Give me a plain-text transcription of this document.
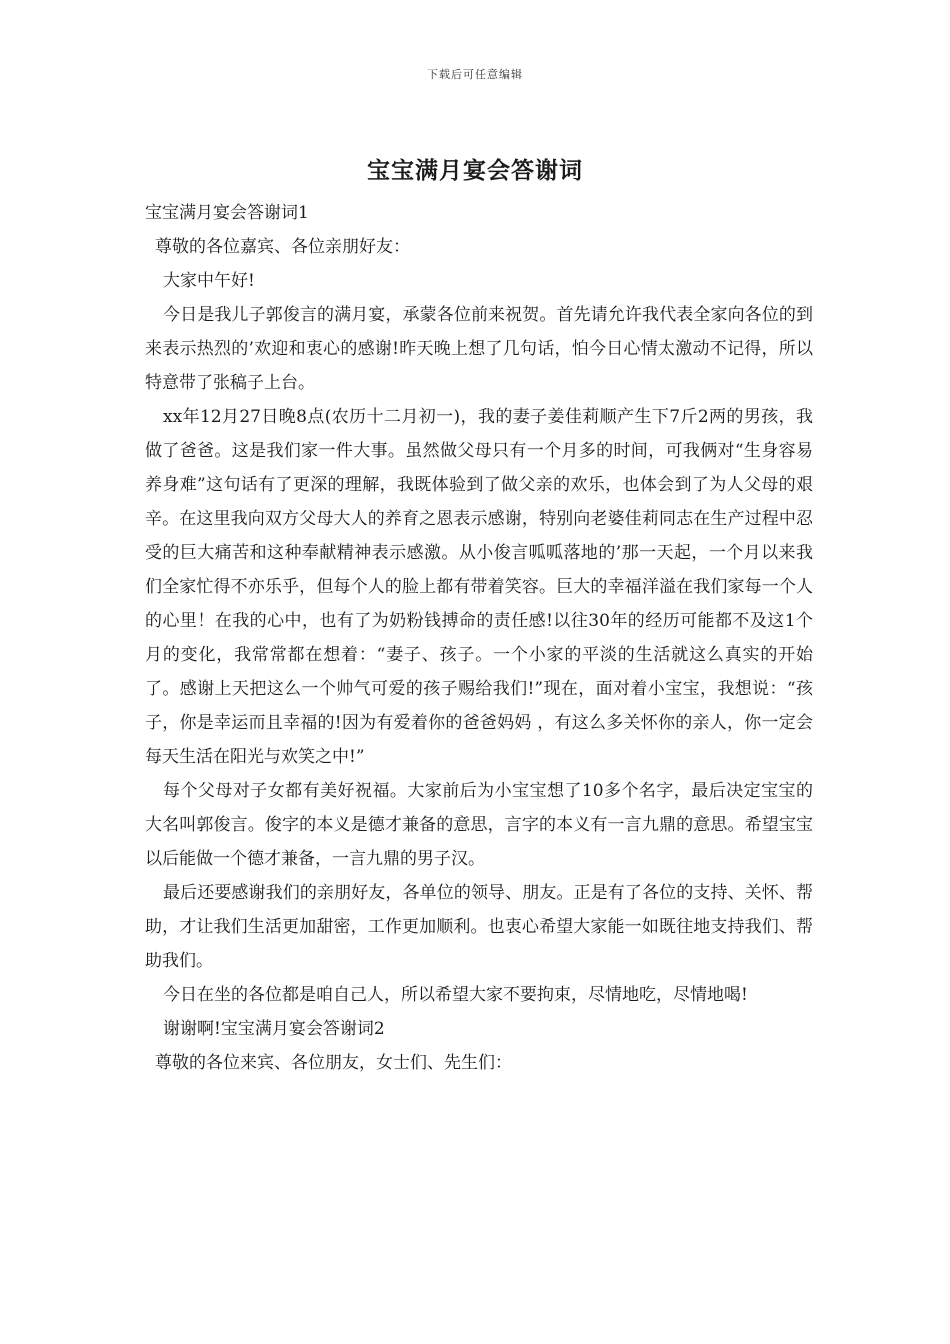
下载后可任意编辑
宝宝满月宴会答谢词

宝宝满月宴会答谢词1

尊敬的各位嘉宾、各位亲朋好友：

大家中午好!

今日是我儿子郭俊言的满月宴，承蒙各位前来祝贺。首先请允许我代表全家向各位的到来表示热烈的’欢迎和衷心的感谢!昨天晚上想了几句话，怕今日心情太激动不记得，所以特意带了张稿子上台。

xx年12月27日晚8点(农历十二月初一)，我的妻子姜佳莉顺产生下7斤2两的男孩，我做了爸爸。这是我们家一件大事。虽然做父母只有一个月多的时间，可我俩对“生身容易养身难”这句话有了更深的理解，我既体验到了做父亲的欢乐，也体会到了为人父母的艰辛。在这里我向双方父母大人的养育之恩表示感谢，特别向老婆佳莉同志在生产过程中忍受的巨大痛苦和这种奉献精神表示感激。从小俊言呱呱落地的’那一天起，一个月以来我们全家忙得不亦乐乎，但每个人的脸上都有带着笑容。巨大的幸福洋溢在我们家每一个人的心里！在我的心中，也有了为奶粉钱搏命的责任感!以往30年的经历可能都不及这1个月的变化，我常常都在想着：“妻子、孩子。一个小家的平淡的生活就这么真实的开始了。感谢上天把这么一个帅气可爱的孩子赐给我们!”现在，面对着小宝宝，我想说：“孩子，你是幸运而且幸福的!因为有爱着你的爸爸妈妈 ，有这么多关怀你的亲人，你一定会每天生活在阳光与欢笑之中!”

每个父母对子女都有美好祝福。大家前后为小宝宝想了10多个名字，最后决定宝宝的大名叫郭俊言。俊字的本义是德才兼备的意思，言字的本义有一言九鼎的意思。希望宝宝以后能做一个德才兼备，一言九鼎的男子汉。

最后还要感谢我们的亲朋好友，各单位的领导、朋友。正是有了各位的支持、关怀、帮助，才让我们生活更加甜密，工作更加顺利。也衷心希望大家能一如既往地支持我们、帮助我们。

今日在坐的各位都是咱自己人，所以希望大家不要拘束，尽情地吃，尽情地喝!

谢谢啊!宝宝满月宴会答谢词2

尊敬的各位来宾、各位朋友，女士们、先生们：
